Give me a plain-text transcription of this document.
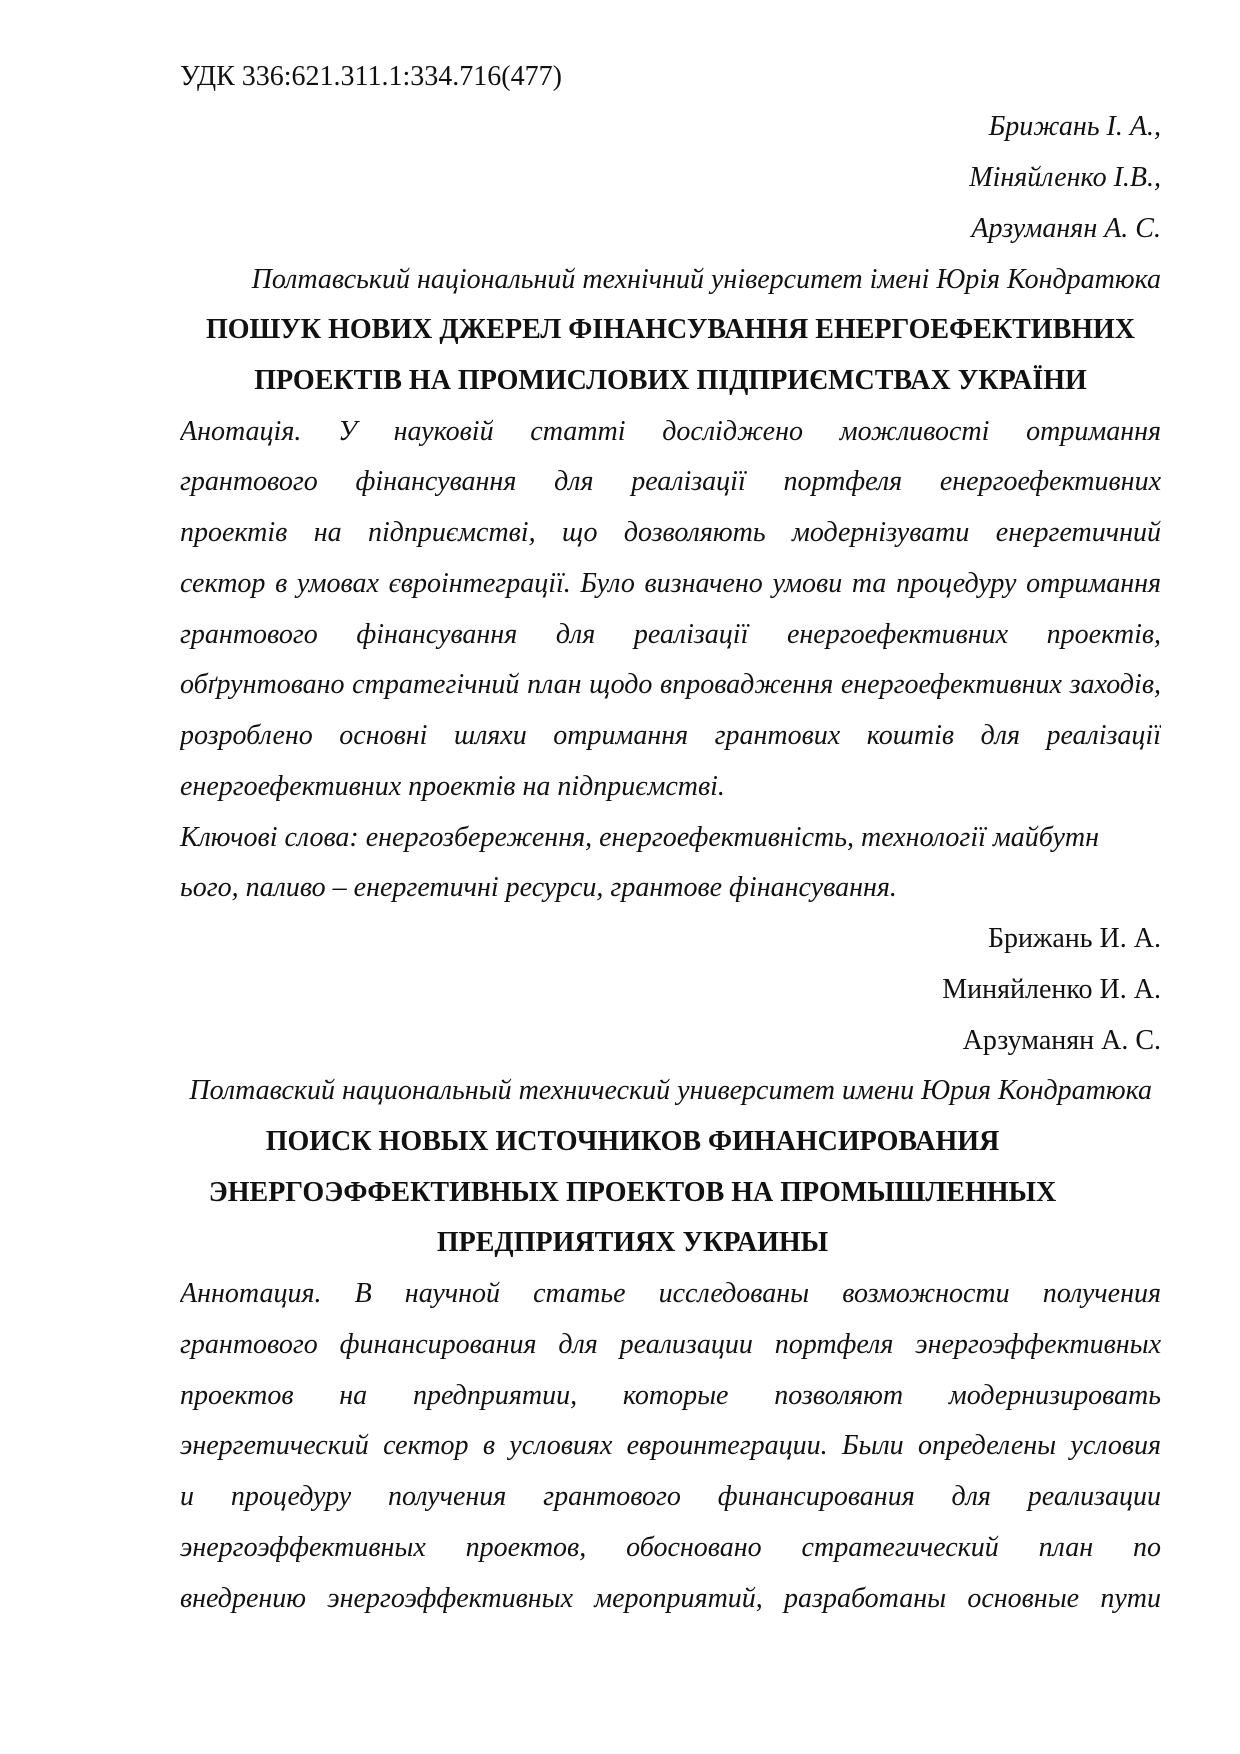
УДК 336:621.311.1:334.716(477)
Брижань І. А.,
Міняйленко І.В.,
Арзуманян А. С.
Полтавський національний технічний університет імені Юрія Кондратюка
ПОШУК НОВИХ ДЖЕРЕЛ ФІНАНСУВАННЯ ЕНЕРГОЕФЕКТИВНИХ
ПРОЕКТІВ НА ПРОМИСЛОВИХ ПІДПРИЄМСТВАХ УКРАЇНИ
Анотація. У науковій статті досліджено можливості отримання
грантового фінансування для реалізації портфеля енергоефективних
проектів на підприємстві, що дозволяють модернізувати енергетичний
сектор в умовах євроінтеграції. Було визначено умови та процедуру отримання
грантового фінансування для реалізації енергоефективних проектів,
обґрунтовано стратегічний план щодо впровадження енергоефективних заходів,
розроблено основні шляхи отримання грантових коштів для реалізації
енергоефективних проектів на підприємстві.
Ключові слова: енергозбереження, енергоефективність, технології майбутн
ього, паливо – енергетичні ресурси, грантове фінансування.
Брижань И. А.
Миняйленко И. А.
Арзуманян А. С.
Полтавский национальный технический университет имени Юрия Кондратюка
ПОИСК НОВЫХ ИСТОЧНИКОВ ФИНАНСИРОВАНИЯ
ЭНЕРГОЭФФЕКТИВНЫХ ПРОЕКТОВ НА ПРОМЫШЛЕННЫХ
ПРЕДПРИЯТИЯХ УКРАИНЫ
Аннотация. В научной статье исследованы возможности получения
грантового финансирования для реализации портфеля энергоэффективных
проектов на предприятии, которые позволяют модернизировать
энергетический сектор в условиях евроинтеграции. Были определены условия
и процедуру получения грантового финансирования для реализации
энергоэффективных проектов, обосновано стратегический план по
внедрению энергоэффективных мероприятий, разработаны основные пути
